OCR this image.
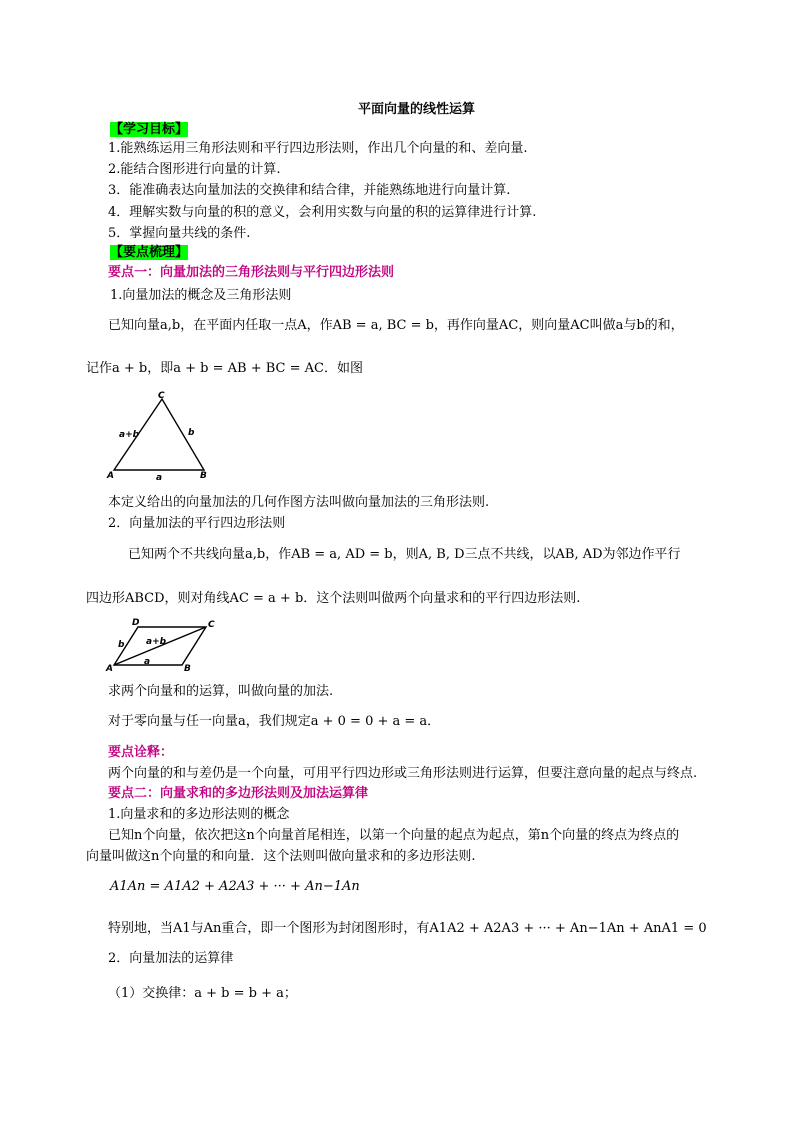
平面向量的线性运算
【学习目标】
1.能熟练运用三角形法则和平行四边形法则，作出几个向量的和、差向量.
2.能结合图形进行向量的计算.
3．能准确表达向量加法的交换律和结合律，并能熟练地进行向量计算.
4．理解实数与向量的积的意义，会利用实数与向量的积的运算律进行计算.
5．掌握向量共线的条件.
【要点梳理】
要点一：向量加法的三角形法则与平行四边形法则
1.向量加法的概念及三角形法则
已知向量a,b，在平面内任取一点A，作AB = a, BC = b，再作向量AC，则向量AC叫做a与b的和，
记作a + b，即a + b = AB + BC = AC．如图
C
A	B
a+b	b
a
本定义给出的向量加法的几何作图方法叫做向量加法的三角形法则.
2．向量加法的平行四边形法则
已知两个不共线向量a,b，作AB = a, AD = b，则A, B, D三点不共线，以AB, AD为邻边作平行
四边形ABCD，则对角线AC = a + b．这个法则叫做两个向量求和的平行四边形法则.
D	C
A	B
a+b
a
b
求两个向量和的运算，叫做向量的加法.
对于零向量与任一向量a，我们规定a + 0 = 0 + a = a．
要点诠释：
两个向量的和与差仍是一个向量，可用平行四边形或三角形法则进行运算，但要注意向量的起点与终点.
要点二：向量求和的多边形法则及加法运算律
1.向量求和的多边形法则的概念
已知n个向量，依次把这n个向量首尾相连，以第一个向量的起点为起点，第n个向量的终点为终点的
向量叫做这n个向量的和向量．这个法则叫做向量求和的多边形法则.
A1An = A1A2 + A2A3 + ··· + An−1An
特别地，当A1与An重合，即一个图形为封闭图形时，有A1A2 + A2A3 + ··· + An−1An + AnA1 = 0
2．向量加法的运算律
（1）交换律：a + b = b + a；
